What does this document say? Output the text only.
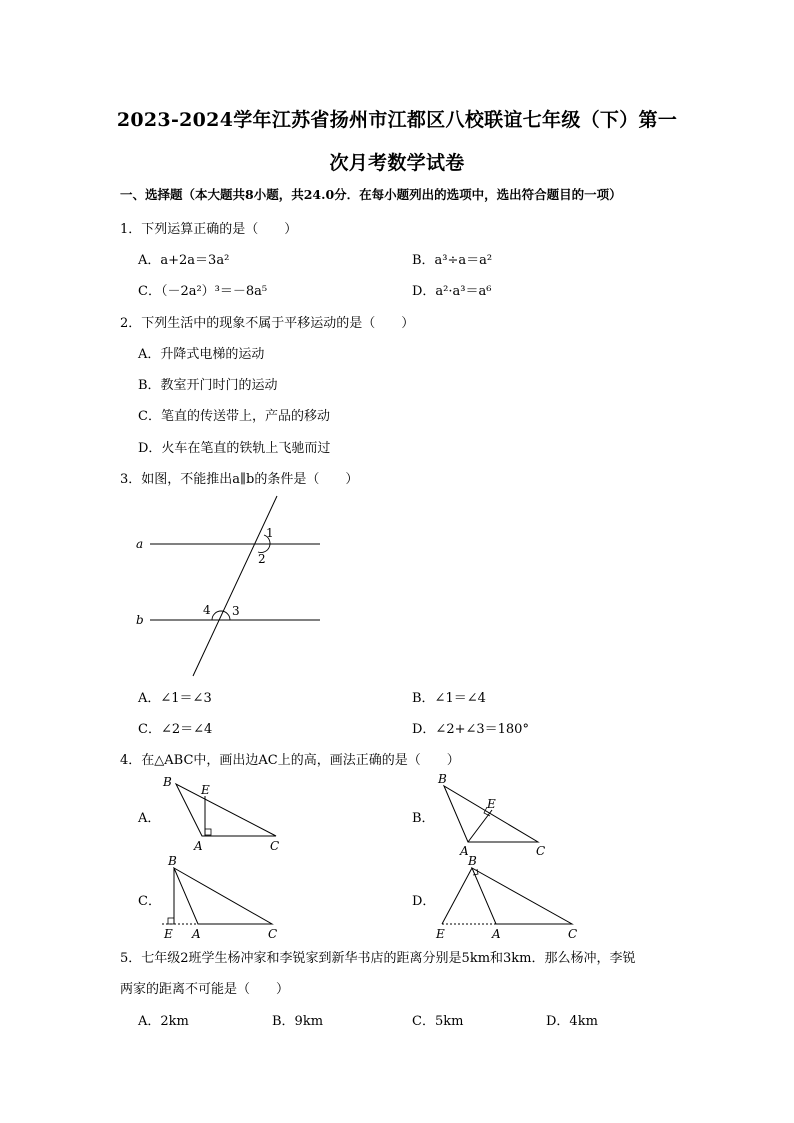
2023-2024学年江苏省扬州市江都区八校联谊七年级（下）第一
次月考数学试卷
一、选择题（本大题共8小题，共24.0分．在每小题列出的选项中，选出符合题目的一项）
1．下列运算正确的是（　　）
A．a+2a＝3a²	B．a³÷a＝a²
C．（－2a²）³＝－8a⁵	D．a²·a³＝a⁶
2．下列生活中的现象不属于平移运动的是（　　）
A．升降式电梯的运动
B．教室开门时门的运动
C．笔直的传送带上，产品的移动
D．火车在笔直的铁轨上飞驰而过
3．如图，不能推出a∥b的条件是（　　）
a
b
1
2
4 3
A．∠1＝∠3	B．∠1＝∠4
C．∠2＝∠4	D．∠2+∠3＝180°
4．在△ABC中，画出边AC上的高，画法正确的是（　　）
A．
B
E
A	C
B．
B
E
A	C
C．
B
E A	C
D．
B
E	A	C
5．七年级2班学生杨冲家和李锐家到新华书店的距离分别是5km和3km．那么杨冲，李锐
两家的距离不可能是（　　）
A．2km	B．9km	C．5km	D．4km
